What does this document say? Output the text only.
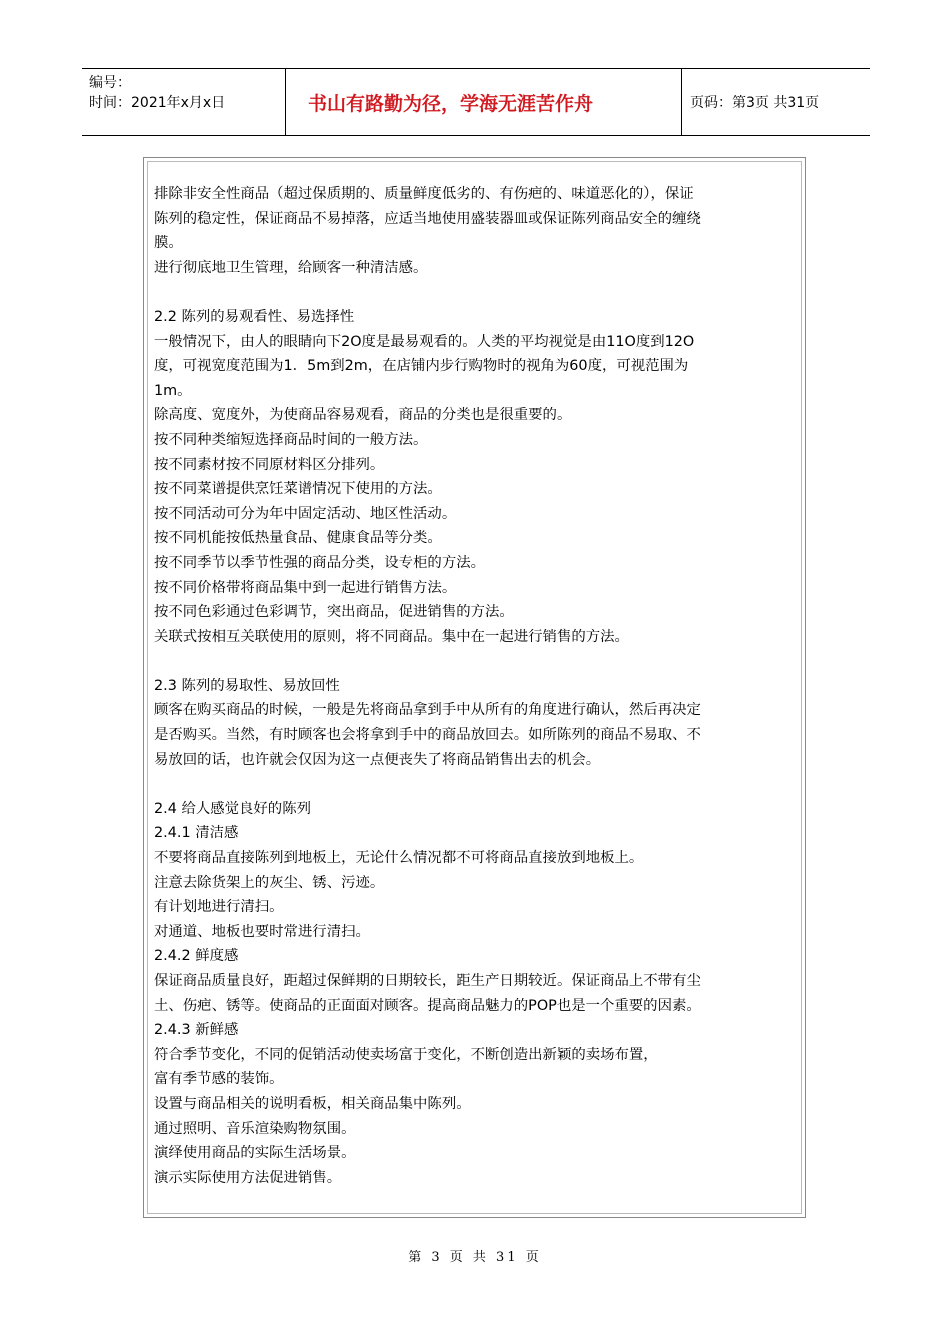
编号：
时间：2021年x月x日	书山有路勤为径，学海无涯苦作舟	页码：第3页 共31页

排除非安全性商品（超过保质期的、质量鲜度低劣的、有伤疤的、味道恶化的），保证

陈列的稳定性，保证商品不易掉落，应适当地使用盛装器皿或保证陈列商品安全的缠绕

膜。

进行彻底地卫生管理，给顾客一种清洁感。

2.2 陈列的易观看性、易选择性

一般情况下，由人的眼睛向下2O度是最易观看的。人类的平均视觉是由11O度到12O

度，可视宽度范围为1．5m到2m，在店铺内步行购物时的视角为60度，可视范围为

1m。

除高度、宽度外，为使商品容易观看，商品的分类也是很重要的。

按不同种类缩短选择商品时间的一般方法。

按不同素材按不同原材料区分排列。

按不同菜谱提供烹饪菜谱情况下使用的方法。

按不同活动可分为年中固定活动、地区性活动。

按不同机能按低热量食品、健康食品等分类。

按不同季节以季节性强的商品分类，设专柜的方法。

按不同价格带将商品集中到一起进行销售方法。

按不同色彩通过色彩调节，突出商品，促进销售的方法。

关联式按相互关联使用的原则，将不同商品。集中在一起进行销售的方法。

2.3 陈列的易取性、易放回性

顾客在购买商品的时候，一般是先将商品拿到手中从所有的角度进行确认，然后再决定

是否购买。当然，有时顾客也会将拿到手中的商品放回去。如所陈列的商品不易取、不

易放回的话，也许就会仅因为这一点便丧失了将商品销售出去的机会。

2.4 给人感觉良好的陈列

2.4.1 清洁感

不要将商品直接陈列到地板上，无论什么情况都不可将商品直接放到地板上。

注意去除货架上的灰尘、锈、污迹。

有计划地进行清扫。

对通道、地板也要时常进行清扫。

2.4.2 鲜度感

保证商品质量良好，距超过保鲜期的日期较长，距生产日期较近。保证商品上不带有尘

土、伤疤、锈等。使商品的正面面对顾客。提高商品魅力的POP也是一个重要的因素。

2.4.3 新鲜感

符合季节变化，不同的促销活动使卖场富于变化，不断创造出新颖的卖场布置，

富有季节感的装饰。

设置与商品相关的说明看板，相关商品集中陈列。

通过照明、音乐渲染购物氛围。

演绎使用商品的实际生活场景。

演示实际使用方法促进销售。

第 3 页 共 31 页
